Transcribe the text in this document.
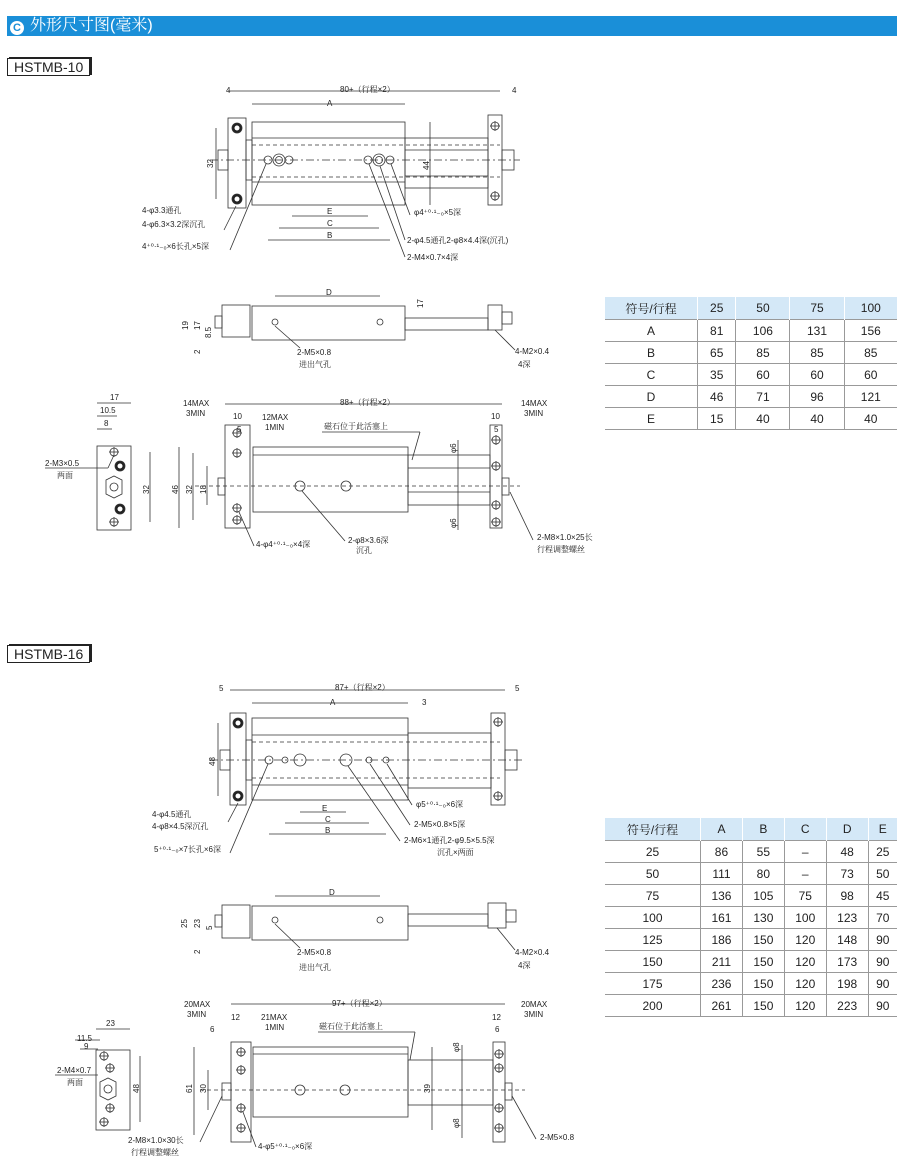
C 外形尺寸图(毫米)
HSTMB-10
HSTMB-16
4	80+（行程×2）	4
A
32	44
E
C
B
4-φ3.3通孔
4-φ6.3×3.2深沉孔
4⁺⁰·¹₋₀×6长孔×5深
φ4⁺⁰·¹₋₀×5深
2-φ4.5通孔2-φ8×4.4深(沉孔)
2-M4×0.7×4深
D
17
19 17
8.5
2	2-M5×0.8
进出气孔
4-M2×0.4
4深
17
10.5
8
2-M3×0.5
两面
32
14MAX
3MIN
88+（行程×2）	14MAX
3MIN
10
5
12MAX
1MIN
10
5
磁石位于此活塞上
φ6
φ6
46 32 18
4-φ4⁺⁰·¹₋₀×4深	2-φ8×3.6深
沉孔
2-M8×1.0×25长
行程调整螺丝
5	87+（行程×2）	5
A	3
48
E
C
B
4-φ4.5通孔
4-φ8×4.5深沉孔
5⁺⁰·¹₋₀×7长孔×6深
φ5⁺⁰·¹₋₀×6深
2-M5×0.8×5深
2-M6×1通孔2-φ9.5×5.5深
沉孔×两面
D
25 23 5
2	2-M5×0.8
进出气孔
4-M2×0.4
4深
23
11.5
9
2-M4×0.7
两面
48
20MAX
3MIN
97+（行程×2）	20MAX
3MIN
12
6
21MAX
1MIN
12
6
磁石位于此活塞上
φ8
φ8
61 30	39
2-M8×1.0×30长
行程调整螺丝
4-φ5⁺⁰·¹₋₀×6深
2-M5×0.8
符号/行程	25	50	75	100
A	81	106	131	156
B	65	85	85	85
C	35	60	60	60
D	46	71	96	121
E	15	40	40	40
符号/行程	A	B	C	D	E
25	86	55	–	48	25
50	111	80	–	73	50
75	136	105	75	98	45
100	161	130	100	123	70
125	186	150	120	148	90
150	211	150	120	173	90
175	236	150	120	198	90
200	261	150	120	223	90
